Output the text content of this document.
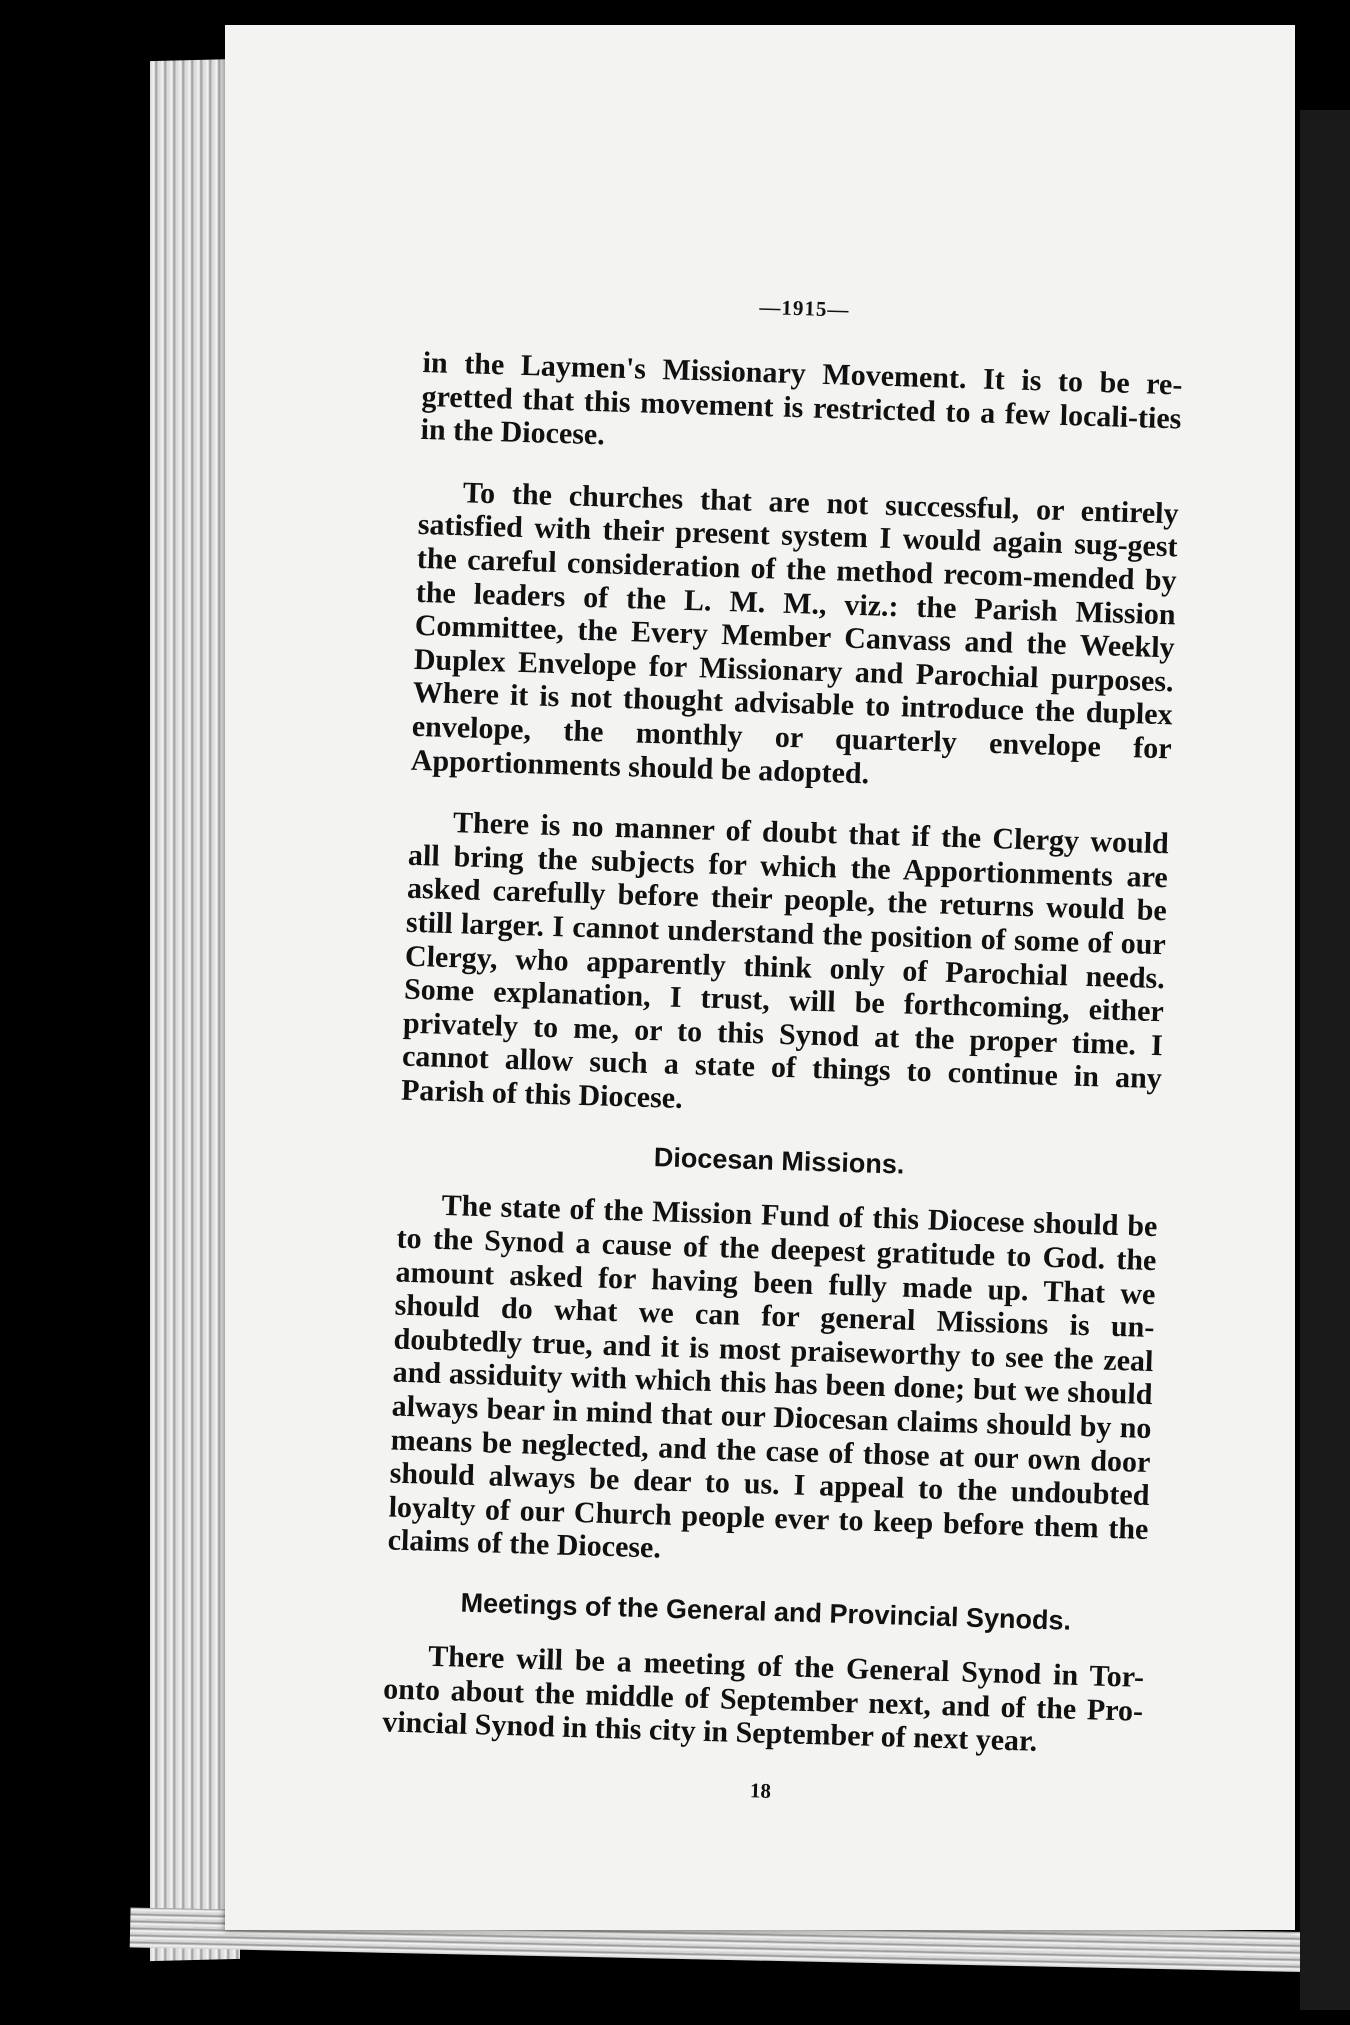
—1915—

in the Laymen's Missionary Movement. It is to be re-gretted that this movement is restricted to a few locali-ties in the Diocese.

To the churches that are not successful, or entirely satisfied with their present system I would again sug-gest the careful consideration of the method recom-mended by the leaders of the L. M. M., viz.: the Parish Mission Committee, the Every Member Canvass and the Weekly Duplex Envelope for Missionary and Parochial purposes. Where it is not thought advisable to introduce the duplex envelope, the monthly or quarterly envelope for Apportionments should be adopted.

There is no manner of doubt that if the Clergy would all bring the subjects for which the Apportionments are asked carefully before their people, the returns would be still larger. I cannot understand the position of some of our Clergy, who apparently think only of Parochial needs. Some explanation, I trust, will be forthcoming, either privately to me, or to this Synod at the proper time. I cannot allow such a state of things to continue in any Parish of this Diocese.

Diocesan Missions.

The state of the Mission Fund of this Diocese should be to the Synod a cause of the deepest gratitude to God. the amount asked for having been fully made up. That we should do what we can for general Missions is un-doubtedly true, and it is most praiseworthy to see the zeal and assiduity with which this has been done; but we should always bear in mind that our Diocesan claims should by no means be neglected, and the case of those at our own door should always be dear to us. I appeal to the undoubted loyalty of our Church people ever to keep before them the claims of the Diocese.

Meetings of the General and Provincial Synods.

There will be a meeting of the General Synod in Tor-onto about the middle of September next, and of the Pro-vincial Synod in this city in September of next year.

18
